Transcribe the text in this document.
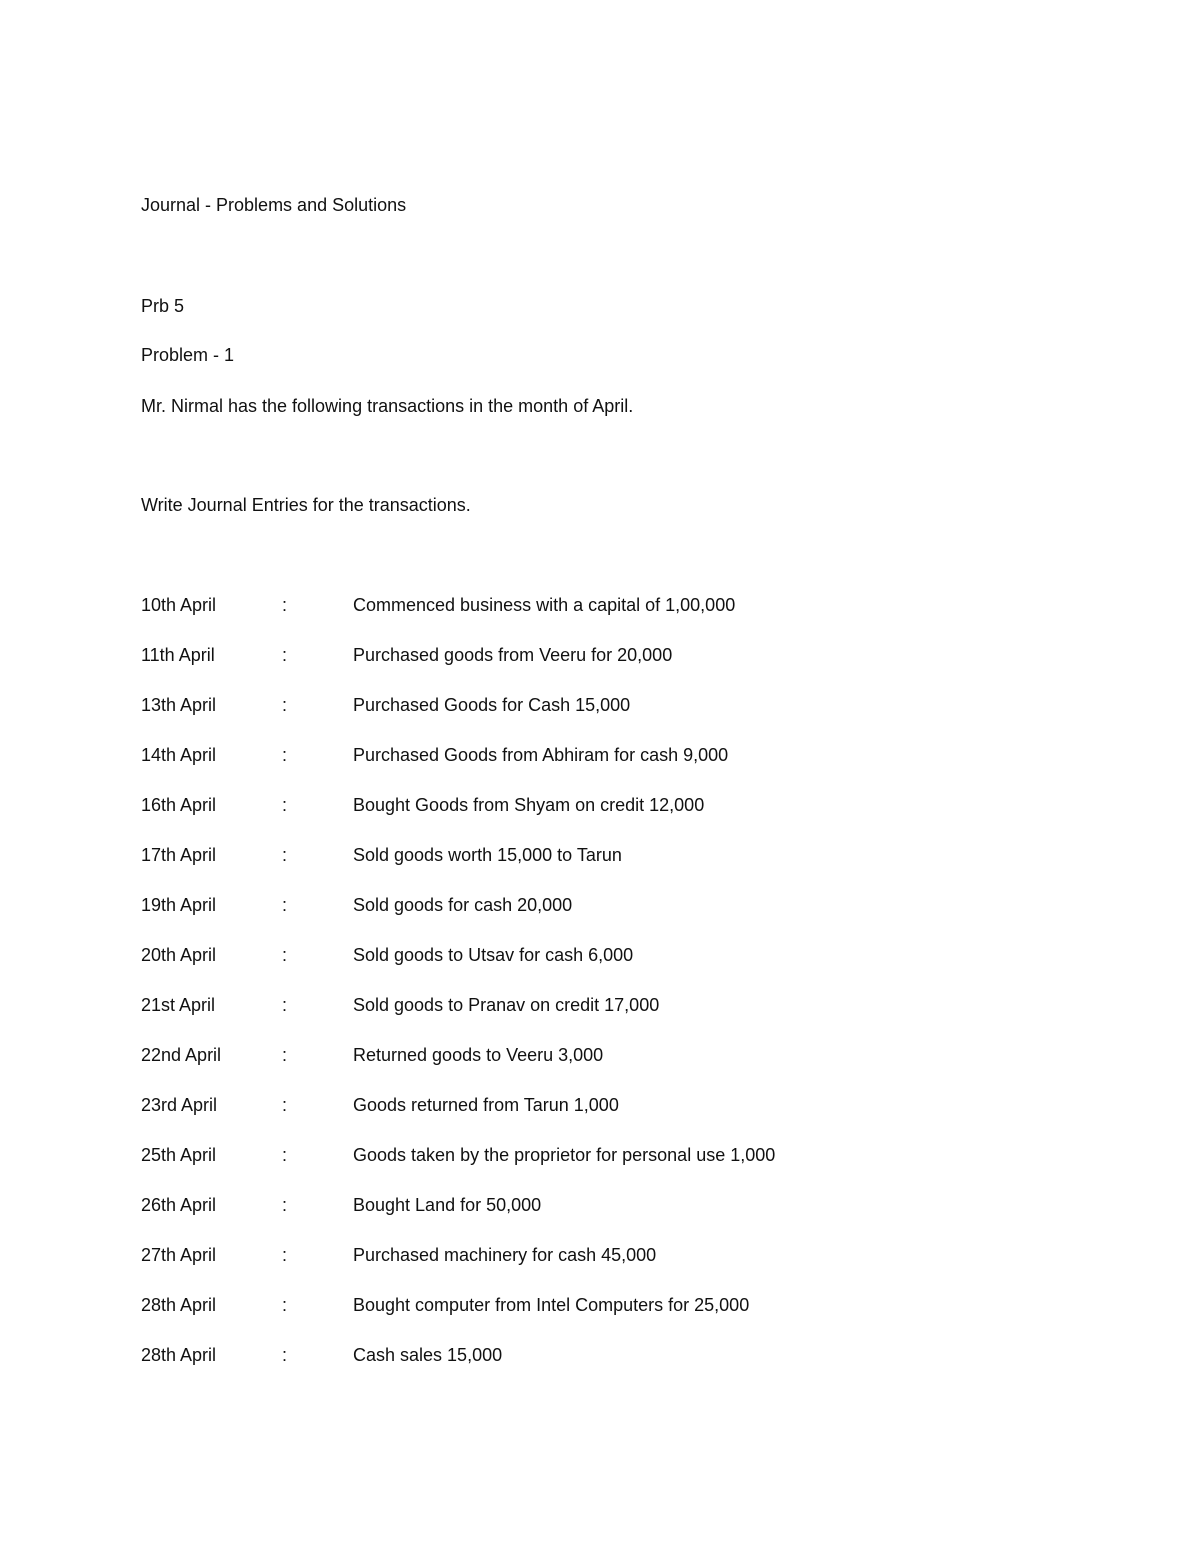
Journal - Problems and Solutions
Prb 5
Problem - 1
Mr. Nirmal has the following transactions in the month of April.
Write Journal Entries for the transactions.
10th April	:	Commenced business with a capital of 1,00,000
11th April	:	Purchased goods from Veeru for 20,000
13th April	:	Purchased Goods for Cash 15,000
14th April	:	Purchased Goods from Abhiram for cash 9,000
16th April	:	Bought Goods from Shyam on credit 12,000
17th April	:	Sold goods worth 15,000 to Tarun
19th April	:	Sold goods for cash 20,000
20th April	:	Sold goods to Utsav for cash 6,000
21st April	:	Sold goods to Pranav on credit 17,000
22nd April	:	Returned goods to Veeru 3,000
23rd April	:	Goods returned from Tarun 1,000
25th April	:	Goods taken by the proprietor for personal use 1,000
26th April	:	Bought Land for 50,000
27th April	:	Purchased machinery for cash 45,000
28th April	:	Bought computer from Intel Computers for 25,000
28th April	:	Cash sales 15,000
